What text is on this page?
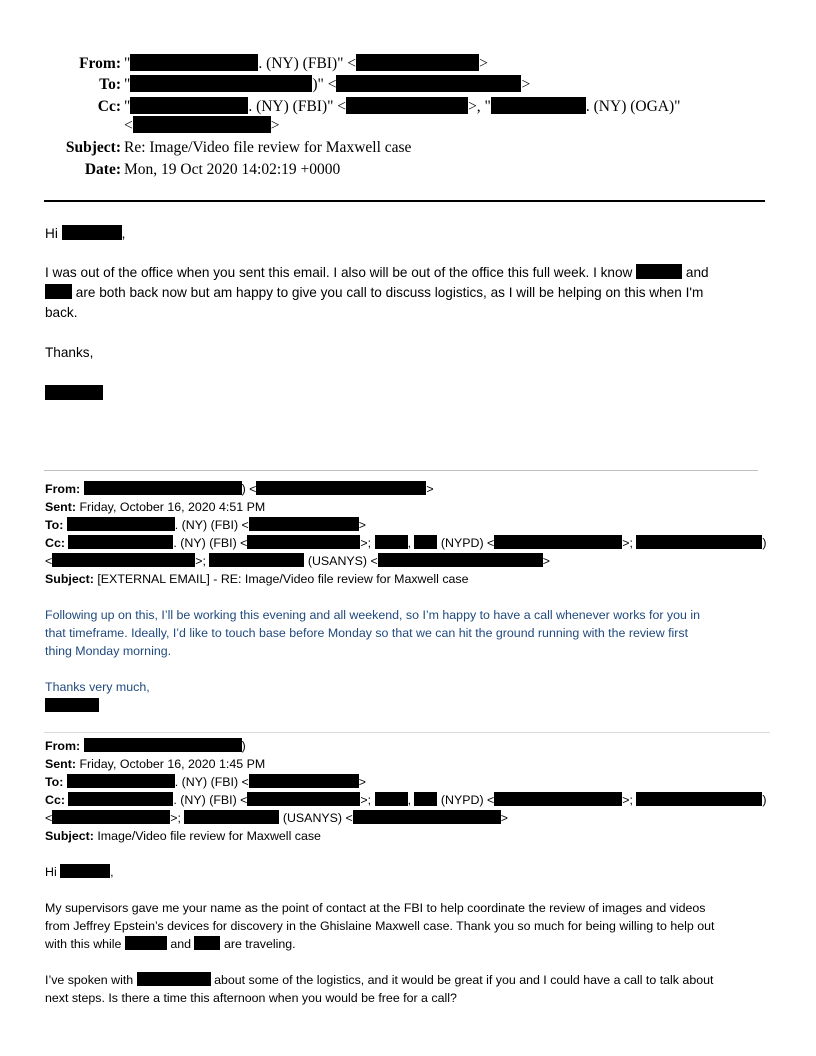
From: "	. (NY) (FBI)" <	>
To: "	)" <	>
Cc: "	. (NY) (FBI)" <	>, "	. (NY) (OGA)"
<	>
Subject: Re: Image/Video file review for Maxwell case
Date: Mon, 19 Oct 2020 14:02:19 +0000
Hi	,
I was out of the office when you sent this email. I also will be out of the office this full week. I know	and
are both back now but am happy to give you call to discuss logistics, as I will be helping on this when I'm
back.
Thanks,
From:	) <	>
Sent: Friday, October 16, 2020 4:51 PM
To:	. (NY) (FBI) <	>
Cc:	. (NY) (FBI) <	>;	, (NYPD) <	>;	)
<	>;	(USANYS) <	>
Subject: [EXTERNAL EMAIL] - RE: Image/Video file review for Maxwell case
Following up on this, I’ll be working this evening and all weekend, so I’m happy to have a call whenever works for you in
that timeframe. Ideally, I’d like to touch base before Monday so that we can hit the ground running with the review first
thing Monday morning.
Thanks very much,
From:	)
Sent: Friday, October 16, 2020 1:45 PM
To:	. (NY) (FBI) <	>
Cc:	. (NY) (FBI) <	>;	, (NYPD) <	>;	)
<	>;	(USANYS) <	>
Subject: Image/Video file review for Maxwell case
Hi	,
My supervisors gave me your name as the point of contact at the FBI to help coordinate the review of images and videos
from Jeffrey Epstein’s devices for discovery in the Ghislaine Maxwell case. Thank you so much for being willing to help out
with this while	and	are traveling.
I’ve spoken with	about some of the logistics, and it would be great if you and I could have a call to talk about
next steps. Is there a time this afternoon when you would be free for a call?
